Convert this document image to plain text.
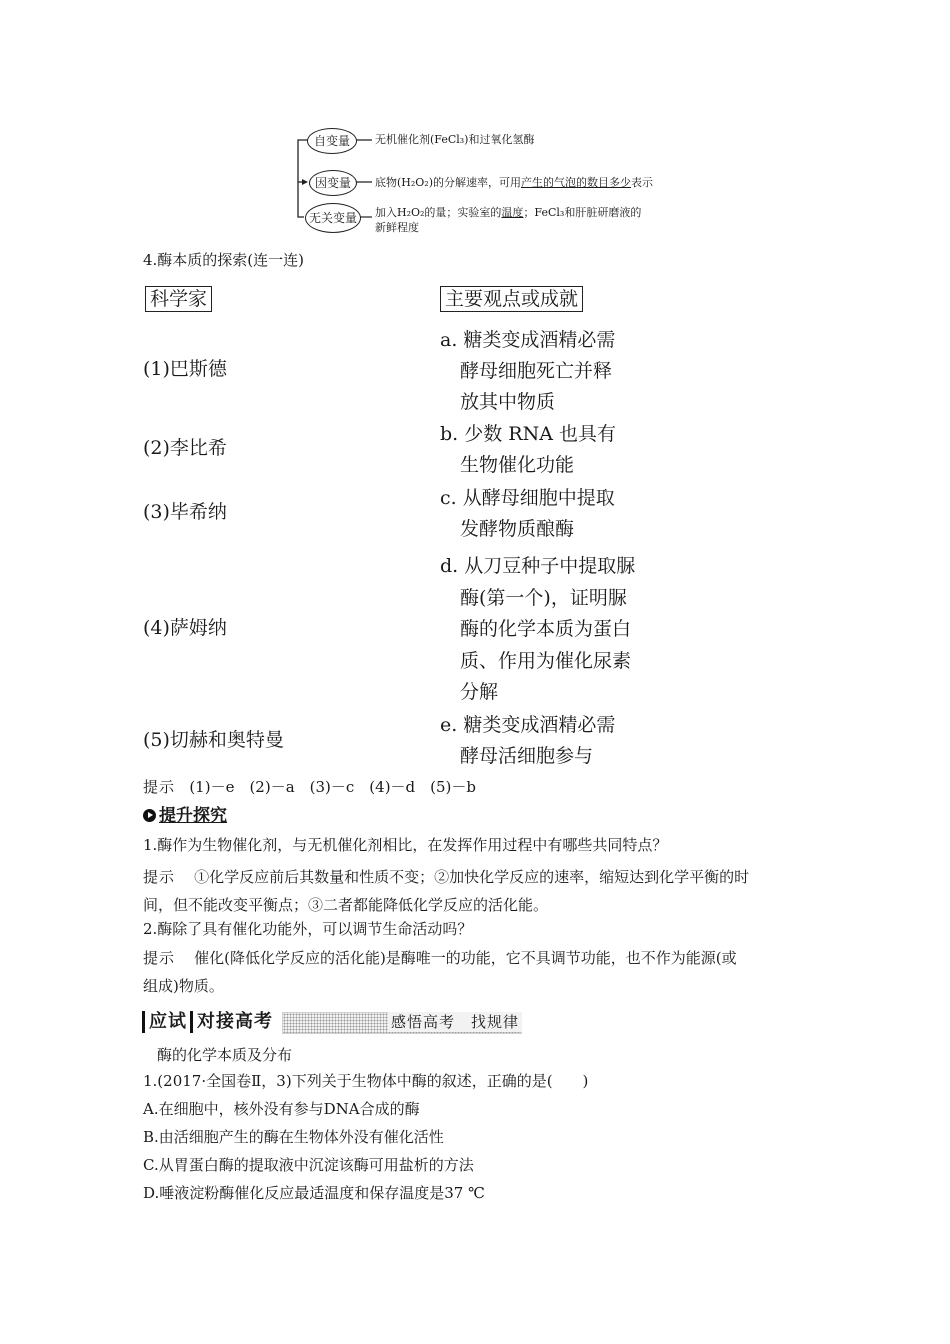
自变量 无机催化剂(FeCl₃)和过氧化氢酶
因变量 底物(H₂O₂)的分解速率，可用产生的气泡的数目多少表示
无关变量 加入H₂O₂的量；实验室的温度；FeCl₃和肝脏研磨液的
新鲜程度
4.酶本质的探索(连一连)
科学家	主要观点或成就
(1)巴斯德
(2)李比希
(3)毕希纳
(4)萨姆纳
(5)切赫和奥特曼
a. 糖类变成酒精必需
酵母细胞死亡并释
放其中物质
b. 少数 RNA 也具有
生物催化功能
c. 从酵母细胞中提取
发酵物质酿酶
d. 从刀豆种子中提取脲
酶(第一个)，证明脲
酶的化学本质为蛋白
质、作用为催化尿素
分解
e. 糖类变成酒精必需
酵母活细胞参与
提示 (1)－e　(2)－a　(3)－c　(4)－d　(5)－b
提升探究
1.酶作为生物催化剂，与无机催化剂相比，在发挥作用过程中有哪些共同特点？
提示 ①化学反应前后其数量和性质不变；②加快化学反应的速率，缩短达到化学平衡的时
间，但不能改变平衡点；③二者都能降低化学反应的活化能。
2.酶除了具有催化功能外，可以调节生命活动吗？
提示 催化(降低化学反应的活化能)是酶唯一的功能，它不具调节功能，也不作为能源(或
组成)物质。
应试 对接高考	感悟高考　找规律
酶的化学本质及分布
1.(2017·全国卷Ⅱ，3)下列关于生物体中酶的叙述，正确的是(　　)
A.在细胞中，核外没有参与DNA合成的酶
B.由活细胞产生的酶在生物体外没有催化活性
C.从胃蛋白酶的提取液中沉淀该酶可用盐析的方法
D.唾液淀粉酶催化反应最适温度和保存温度是37 ℃
